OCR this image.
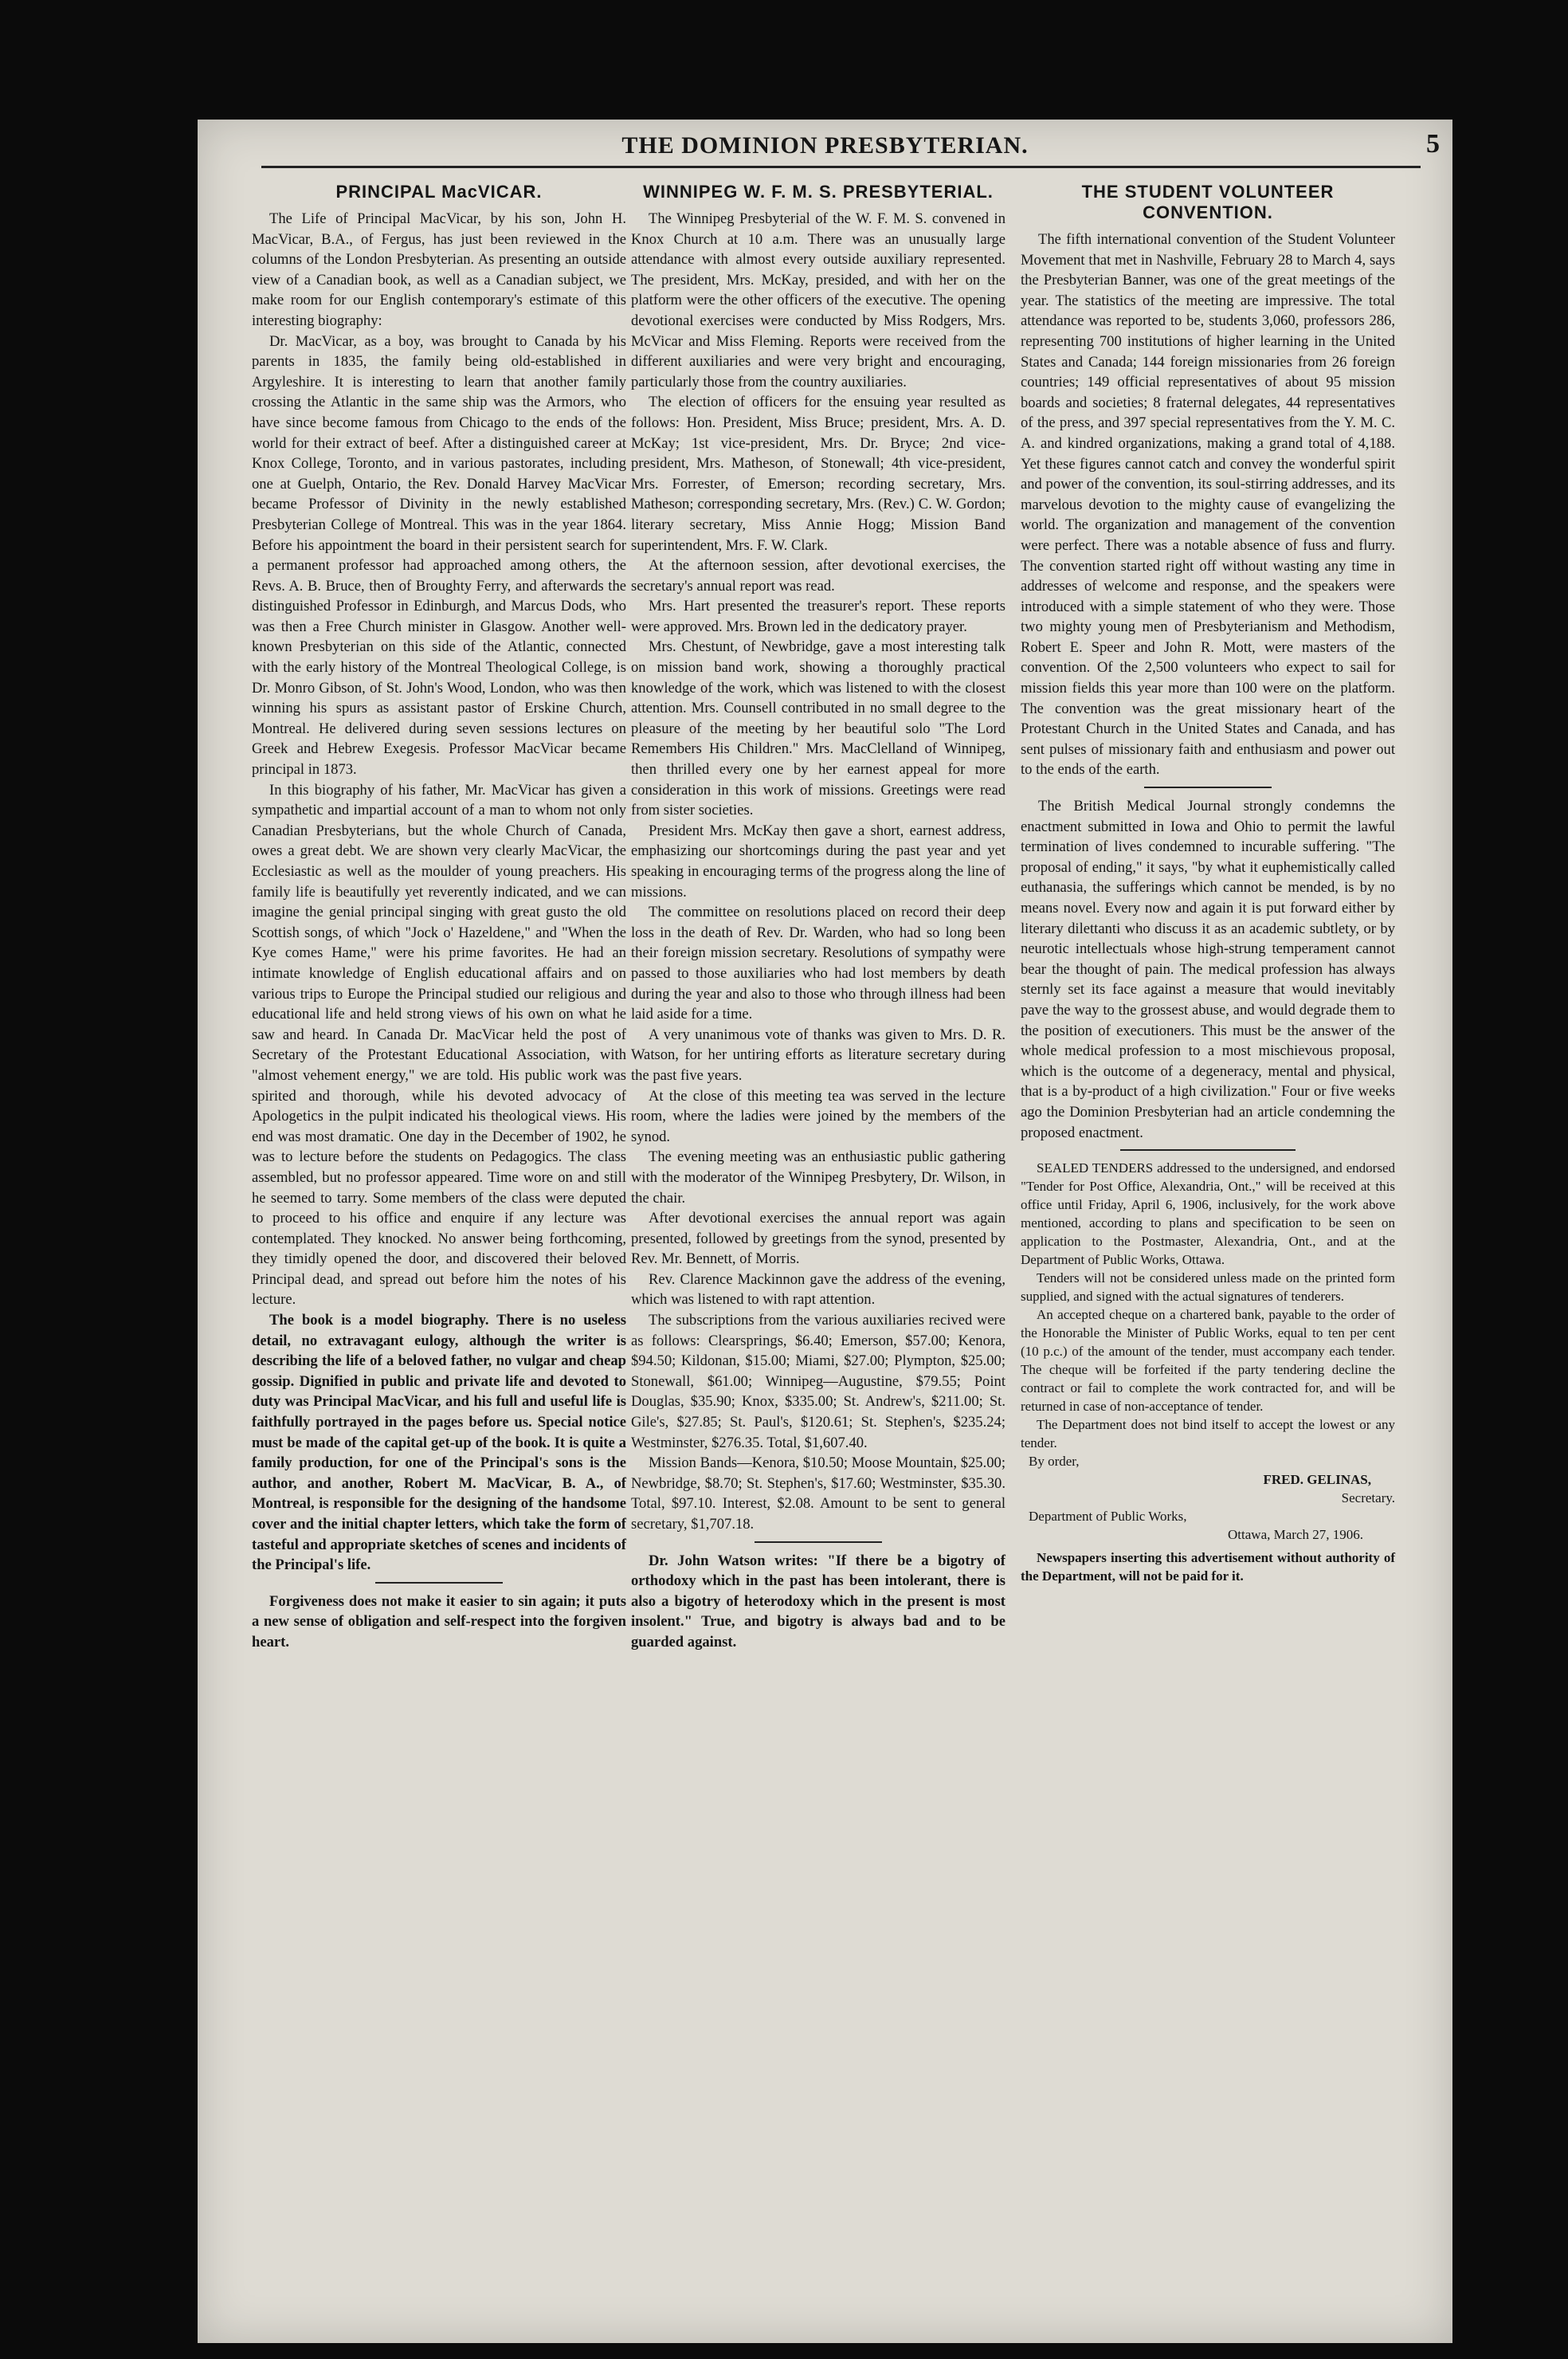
THE DOMINION PRESBYTERIAN.	5
PRINCIPAL MacVICAR.

The Life of Principal MacVicar, by his son, John H. MacVicar, B.A., of Fergus, has just been reviewed in the columns of the London Presbyterian. As presenting an outside view of a Canadian book, as well as a Canadian subject, we make room for our English contemporary's estimate of this interesting biography:

Dr. MacVicar, as a boy, was brought to Canada by his parents in 1835, the family being old-established in Argyleshire. It is interesting to learn that another family crossing the Atlantic in the same ship was the Armors, who have since become famous from Chicago to the ends of the world for their extract of beef. After a distinguished career at Knox College, Toronto, and in various pastorates, including one at Guelph, Ontario, the Rev. Donald Harvey MacVicar became Professor of Divinity in the newly established Presbyterian College of Montreal. This was in the year 1864. Before his appointment the board in their persistent search for a permanent professor had approached among others, the Revs. A. B. Bruce, then of Broughty Ferry, and afterwards the distinguished Professor in Edinburgh, and Marcus Dods, who was then a Free Church minister in Glasgow. Another well-known Presbyterian on this side of the Atlantic, connected with the early history of the Montreal Theological College, is Dr. Monro Gibson, of St. John's Wood, London, who was then winning his spurs as assistant pastor of Erskine Church, Montreal. He delivered during seven sessions lectures on Greek and Hebrew Exegesis. Professor MacVicar became principal in 1873.

In this biography of his father, Mr. MacVicar has given a sympathetic and impartial account of a man to whom not only Canadian Presbyterians, but the whole Church of Canada, owes a great debt. We are shown very clearly MacVicar, the Ecclesiastic as well as the moulder of young preachers. His family life is beautifully yet reverently indicated, and we can imagine the genial principal singing with great gusto the old Scottish songs, of which "Jock o' Hazeldene," and "When the Kye comes Hame," were his prime favorites. He had an intimate knowledge of English educational affairs and on various trips to Europe the Principal studied our religious and educational life and held strong views of his own on what he saw and heard. In Canada Dr. MacVicar held the post of Secretary of the Protestant Educational Association, with "almost vehement energy," we are told. His public work was spirited and thorough, while his devoted advocacy of Apologetics in the pulpit indicated his theological views. His end was most dramatic. One day in the December of 1902, he was to lecture before the students on Pedagogics. The class assembled, but no professor appeared. Time wore on and still he seemed to tarry. Some members of the class were deputed to proceed to his office and enquire if any lecture was contemplated. They knocked. No answer being forthcoming, they timidly opened the door, and discovered their beloved Principal dead, and spread out before him the notes of his lecture.

The book is a model biography. There is no useless detail, no extravagant eulogy, although the writer is describing the life of a beloved father, no vulgar and cheap gossip. Dignified in public and private life and devoted to duty was Principal MacVicar, and his full and useful life is faithfully portrayed in the pages before us. Special notice must be made of the capital get-up of the book. It is quite a family production, for one of the Principal's sons is the author, and another, Robert M. MacVicar, B. A., of Montreal, is responsible for the designing of the handsome cover and the initial chapter letters, which take the form of tasteful and appropriate sketches of scenes and incidents of the Principal's life.

Forgiveness does not make it easier to sin again; it puts a new sense of obligation and self-respect into the forgiven heart.

WINNIPEG W. F. M. S. PRESBYTERIAL.

The Winnipeg Presbyterial of the W. F. M. S. convened in Knox Church at 10 a.m. There was an unusually large attendance with almost every outside auxiliary represented. The president, Mrs. McKay, presided, and with her on the platform were the other officers of the executive. The opening devotional exercises were conducted by Miss Rodgers, Mrs. McVicar and Miss Fleming. Reports were received from the different auxiliaries and were very bright and encouraging, particularly those from the country auxiliaries.

The election of officers for the ensuing year resulted as follows: Hon. President, Miss Bruce; president, Mrs. A. D. McKay; 1st vice-president, Mrs. Dr. Bryce; 2nd vice-president, Mrs. Matheson, of Stonewall; 4th vice-president, Mrs. Forrester, of Emerson; recording secretary, Mrs. Matheson; corresponding secretary, Mrs. (Rev.) C. W. Gordon; literary secretary, Miss Annie Hogg; Mission Band superintendent, Mrs. F. W. Clark.

At the afternoon session, after devotional exercises, the secretary's annual report was read.

Mrs. Hart presented the treasurer's report. These reports were approved. Mrs. Brown led in the dedicatory prayer.

Mrs. Chestunt, of Newbridge, gave a most interesting talk on mission band work, showing a thoroughly practical knowledge of the work, which was listened to with the closest attention. Mrs. Counsell contributed in no small degree to the pleasure of the meeting by her beautiful solo "The Lord Remembers His Children." Mrs. MacClelland of Winnipeg, then thrilled every one by her earnest appeal for more consideration in this work of missions. Greetings were read from sister societies.

President Mrs. McKay then gave a short, earnest address, emphasizing our shortcomings during the past year and yet speaking in encouraging terms of the progress along the line of missions.

The committee on resolutions placed on record their deep loss in the death of Rev. Dr. Warden, who had so long been their foreign mission secretary. Resolutions of sympathy were passed to those auxiliaries who had lost members by death during the year and also to those who through illness had been laid aside for a time.

A very unanimous vote of thanks was given to Mrs. D. R. Watson, for her untiring efforts as literature secretary during the past five years.

At the close of this meeting tea was served in the lecture room, where the ladies were joined by the members of the synod.

The evening meeting was an enthusiastic public gathering with the moderator of the Winnipeg Presbytery, Dr. Wilson, in the chair.

After devotional exercises the annual report was again presented, followed by greetings from the synod, presented by Rev. Mr. Bennett, of Morris.

Rev. Clarence Mackinnon gave the address of the evening, which was listened to with rapt attention.

The subscriptions from the various auxiliaries recived were as follows: Clearsprings, $6.40; Emerson, $57.00; Kenora, $94.50; Kildonan, $15.00; Miami, $27.00; Plympton, $25.00; Stonewall, $61.00; Winnipeg—Augustine, $79.55; Point Douglas, $35.90; Knox, $335.00; St. Andrew's, $211.00; St. Gile's, $27.85; St. Paul's, $120.61; St. Stephen's, $235.24; Westminster, $276.35. Total, $1,607.40.

Mission Bands—Kenora, $10.50; Moose Mountain, $25.00; Newbridge, $8.70; St. Stephen's, $17.60; Westminster, $35.30. Total, $97.10. Interest, $2.08. Amount to be sent to general secretary, $1,707.18.

Dr. John Watson writes: "If there be a bigotry of orthodoxy which in the past has been intolerant, there is also a bigotry of heterodoxy which in the present is most insolent." True, and bigotry is always bad and to be guarded against.

THE STUDENT VOLUNTEER CONVENTION.

The fifth international convention of the Student Volunteer Movement that met in Nashville, February 28 to March 4, says the Presbyterian Banner, was one of the great meetings of the year. The statistics of the meeting are impressive. The total attendance was reported to be, students 3,060, professors 286, representing 700 institutions of higher learning in the United States and Canada; 144 foreign missionaries from 26 foreign countries; 149 official representatives of about 95 mission boards and societies; 8 fraternal delegates, 44 representatives of the press, and 397 special representatives from the Y. M. C. A. and kindred organizations, making a grand total of 4,188. Yet these figures cannot catch and convey the wonderful spirit and power of the convention, its soul-stirring addresses, and its marvelous devotion to the mighty cause of evangelizing the world. The organization and management of the convention were perfect. There was a notable absence of fuss and flurry. The convention started right off without wasting any time in addresses of welcome and response, and the speakers were introduced with a simple statement of who they were. Those two mighty young men of Presbyterianism and Methodism, Robert E. Speer and John R. Mott, were masters of the convention. Of the 2,500 volunteers who expect to sail for mission fields this year more than 100 were on the platform. The convention was the great missionary heart of the Protestant Church in the United States and Canada, and has sent pulses of missionary faith and enthusiasm and power out to the ends of the earth.

The British Medical Journal strongly condemns the enactment submitted in Iowa and Ohio to permit the lawful termination of lives condemned to incurable suffering. "The proposal of ending," it says, "by what it euphemistically called euthanasia, the sufferings which cannot be mended, is by no means novel. Every now and again it is put forward either by literary dilettanti who discuss it as an academic subtlety, or by neurotic intellectuals whose high-strung temperament cannot bear the thought of pain. The medical profession has always sternly set its face against a measure that would inevitably pave the way to the grossest abuse, and would degrade them to the position of executioners. This must be the answer of the whole medical profession to a most mischievous proposal, which is the outcome of a degeneracy, mental and physical, that is a by-product of a high civilization." Four or five weeks ago the Dominion Presbyterian had an article condemning the proposed enactment.

SEALED TENDERS addressed to the undersigned, and endorsed "Tender for Post Office, Alexandria, Ont.," will be received at this office until Friday, April 6, 1906, inclusively, for the work above mentioned, according to plans and specification to be seen on application to the Postmaster, Alexandria, Ont., and at the Department of Public Works, Ottawa.

Tenders will not be considered unless made on the printed form supplied, and signed with the actual signatures of tenderers.

An accepted cheque on a chartered bank, payable to the order of the Honorable the Minister of Public Works, equal to ten per cent (10 p.c.) of the amount of the tender, must accompany each tender. The cheque will be forfeited if the party tendering decline the contract or fail to complete the work contracted for, and will be returned in case of non-acceptance of tender.

The Department does not bind itself to accept the lowest or any tender.

By order,

FRED. GELINAS,

Secretary.

Department of Public Works,

Ottawa, March 27, 1906.

Newspapers inserting this advertisement without authority of the Department, will not be paid for it.
